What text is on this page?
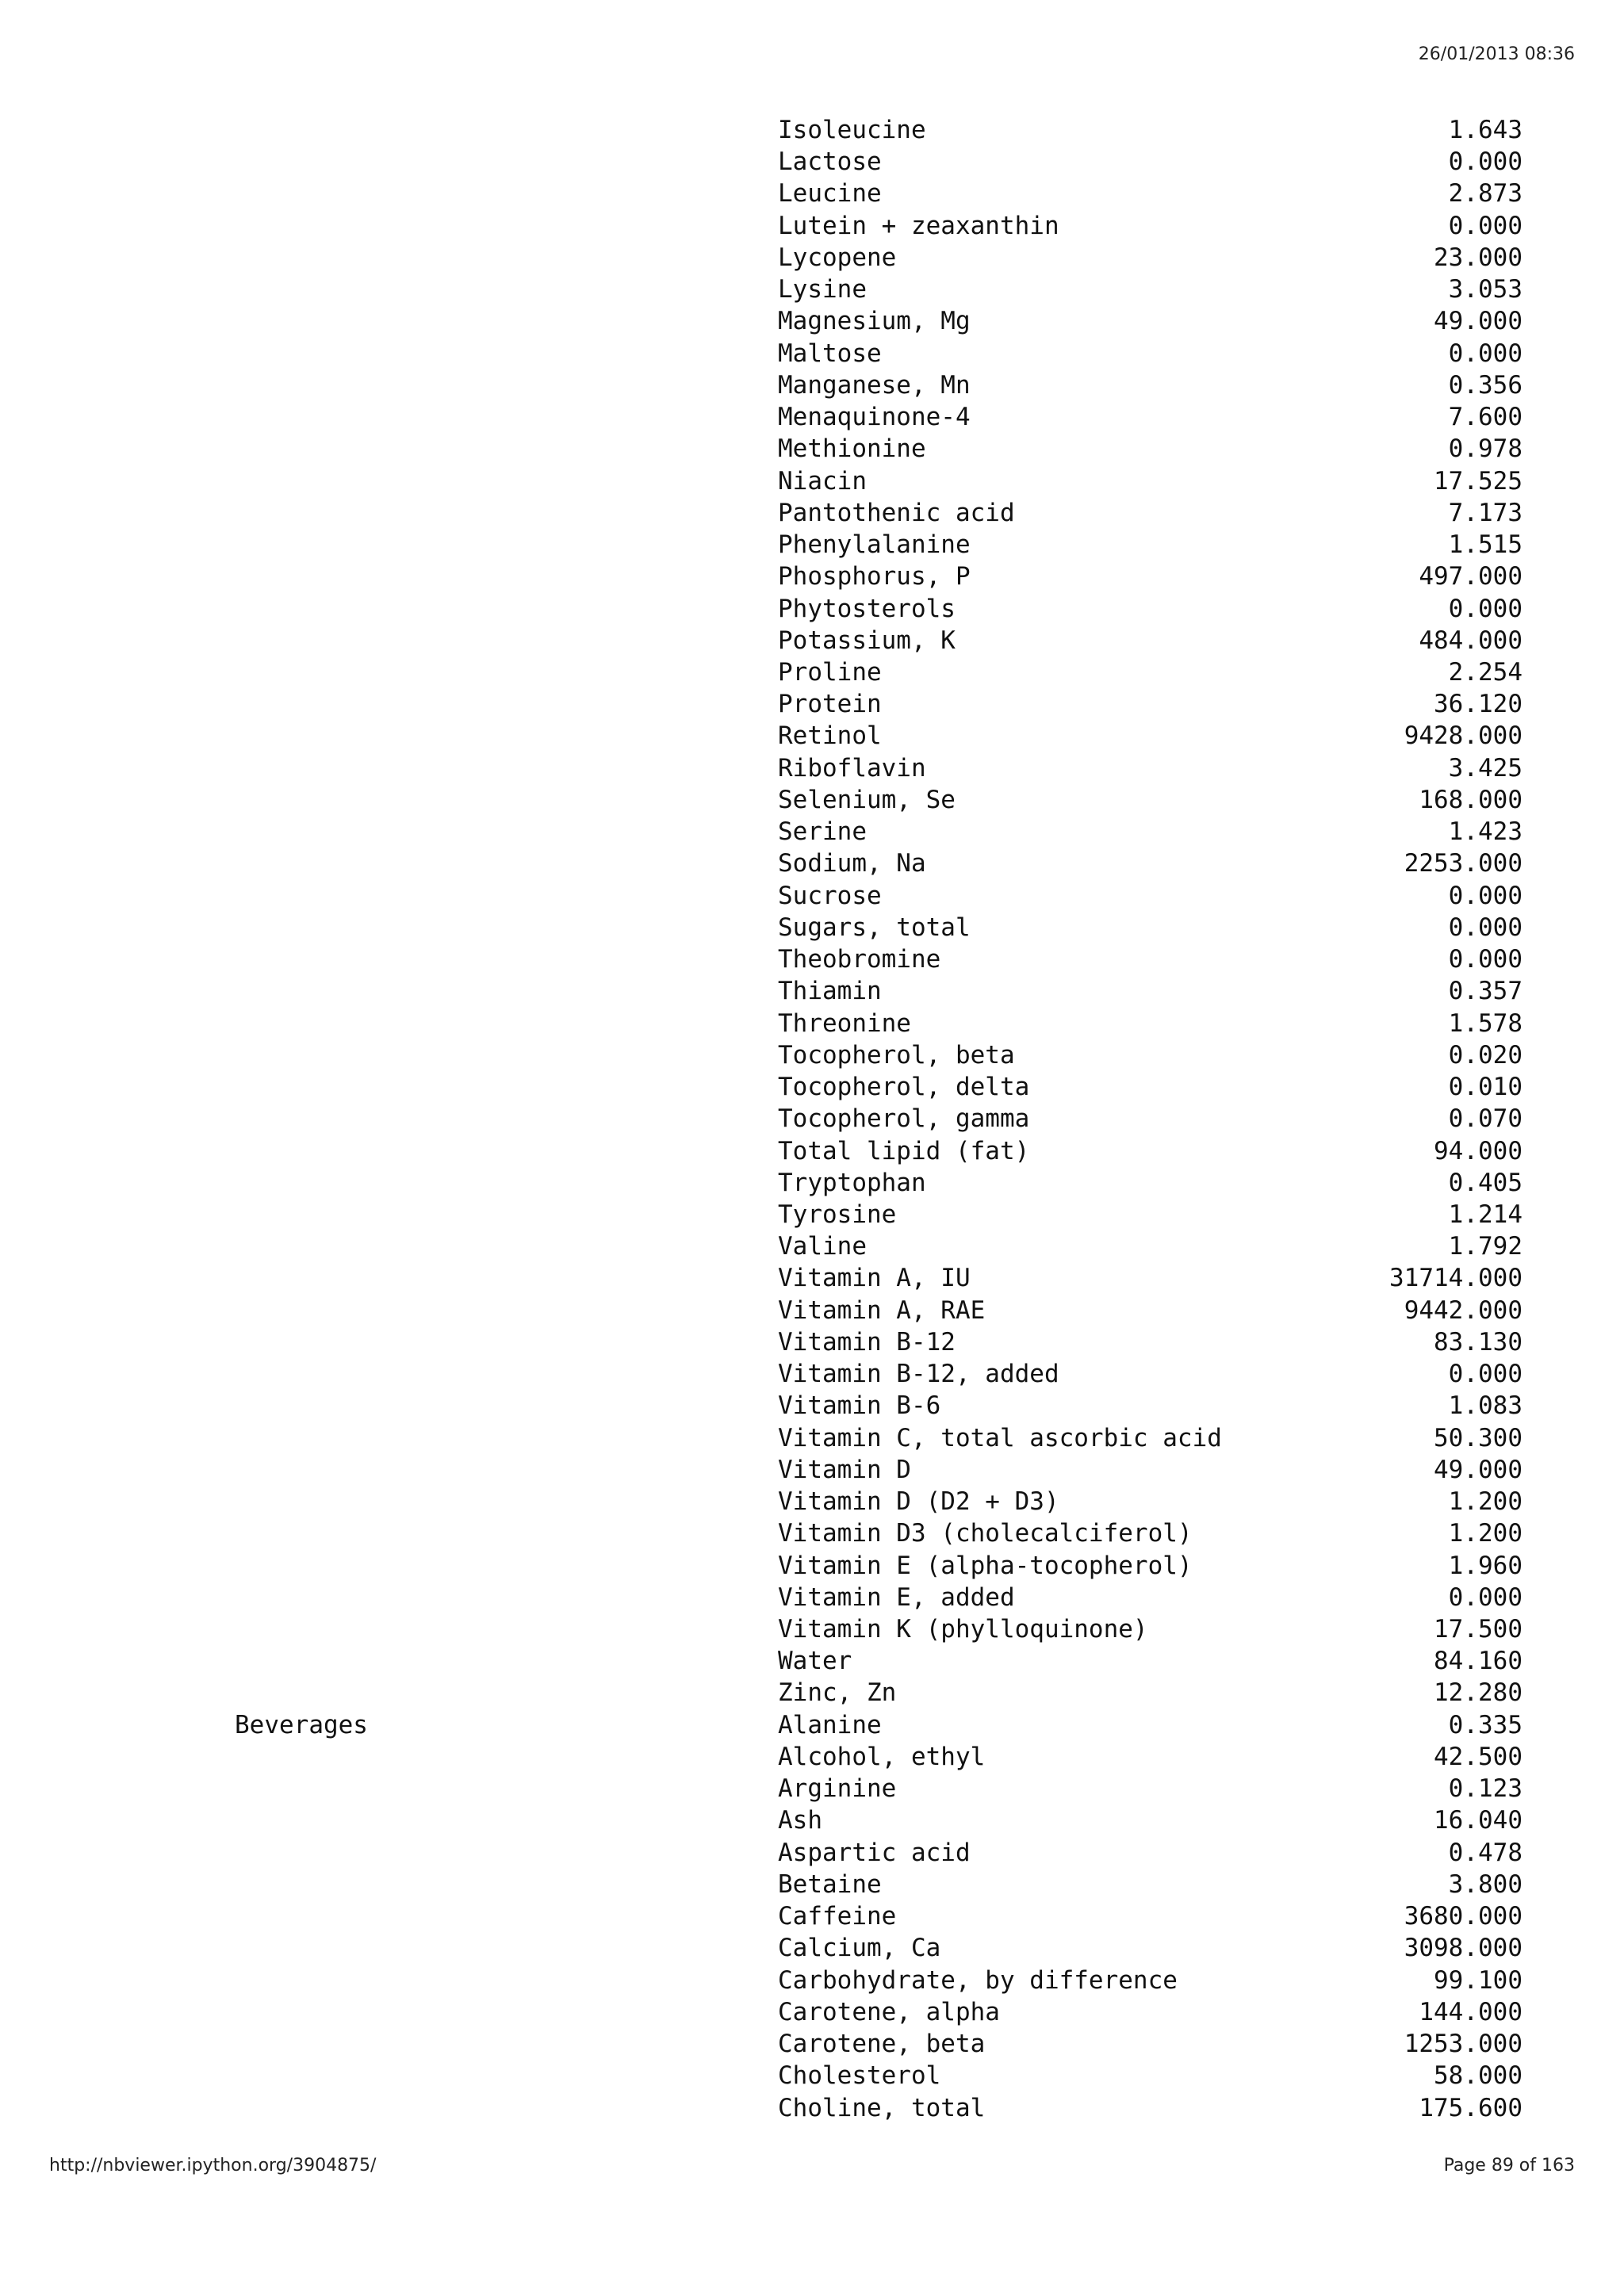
26/01/2013 08:36
Isoleucine	1.643
Lactose	0.000
Leucine	2.873
Lutein + zeaxanthin	0.000
Lycopene	23.000
Lysine	3.053
Magnesium, Mg	49.000
Maltose	0.000
Manganese, Mn	0.356
Menaquinone-4	7.600
Methionine	0.978
Niacin	17.525
Pantothenic acid	7.173
Phenylalanine	1.515
Phosphorus, P	497.000
Phytosterols	0.000
Potassium, K	484.000
Proline	2.254
Protein	36.120
Retinol	9428.000
Riboflavin	3.425
Selenium, Se	168.000
Serine	1.423
Sodium, Na	2253.000
Sucrose	0.000
Sugars, total	0.000
Theobromine	0.000
Thiamin	0.357
Threonine	1.578
Tocopherol, beta	0.020
Tocopherol, delta	0.010
Tocopherol, gamma	0.070
Total lipid (fat)	94.000
Tryptophan	0.405
Tyrosine	1.214
Valine	1.792
Vitamin A, IU	31714.000
Vitamin A, RAE	9442.000
Vitamin B-12	83.130
Vitamin B-12, added	0.000
Vitamin B-6	1.083
Vitamin C, total ascorbic acid	50.300
Vitamin D	49.000
Vitamin D (D2 + D3)	1.200
Vitamin D3 (cholecalciferol)	1.200
Vitamin E (alpha-tocopherol)	1.960
Vitamin E, added	0.000
Vitamin K (phylloquinone)	17.500
Water	84.160
Zinc, Zn	12.280
Beverages	Alanine	0.335
Alcohol, ethyl	42.500
Arginine	0.123
Ash	16.040
Aspartic acid	0.478
Betaine	3.800
Caffeine	3680.000
Calcium, Ca	3098.000
Carbohydrate, by difference	99.100
Carotene, alpha	144.000
Carotene, beta	1253.000
Cholesterol	58.000
Choline, total	175.600
http://nbviewer.ipython.org/3904875/	Page 89 of 163
